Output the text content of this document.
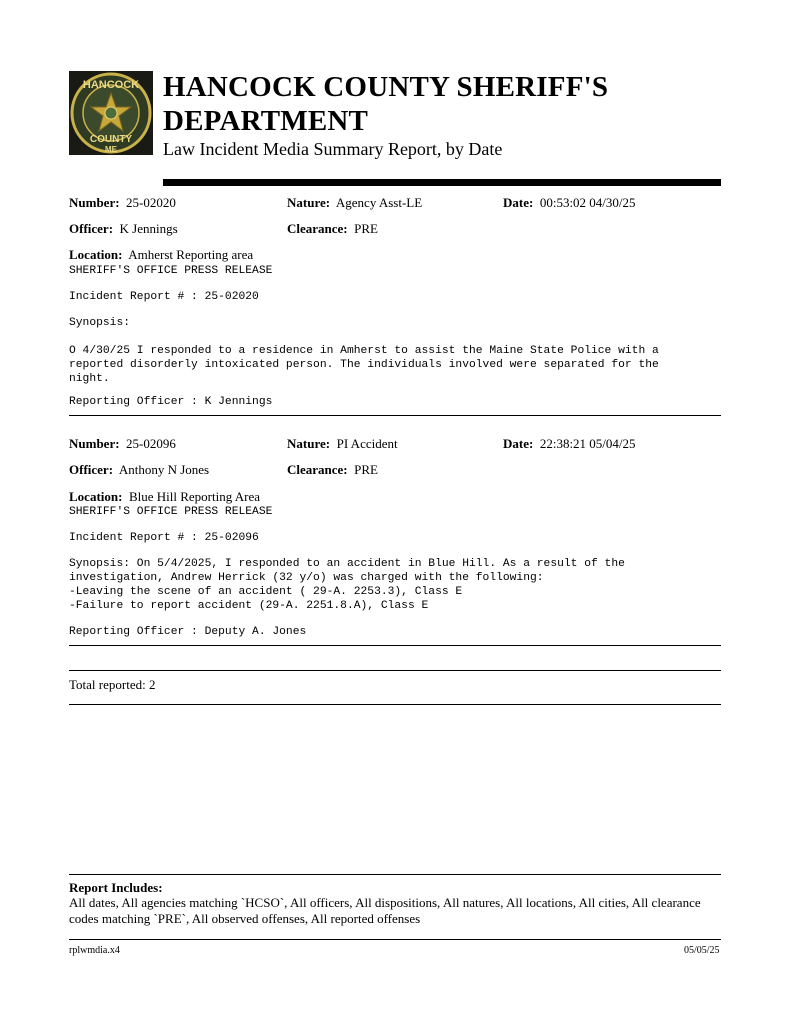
HANCOCK
COUNTY
ME
HANCOCK COUNTY SHERIFF'S
DEPARTMENT
Law Incident Media Summary Report, by Date
Number: 25-02020	Nature: Agency Asst-LE	Date: 00:53:02 04/30/25
Officer: K Jennings	Clearance: PRE
Location: Amherst Reporting area
SHERIFF'S OFFICE PRESS RELEASE
Incident Report # : 25-02020
Synopsis:
O 4/30/25 I responded to a residence in Amherst to assist the Maine State Police with a
reported disorderly intoxicated person. The individuals involved were separated for the
night.
Reporting Officer : K Jennings
Number: 25-02096	Nature: PI Accident	Date: 22:38:21 05/04/25
Officer: Anthony N Jones	Clearance: PRE
Location: Blue Hill Reporting Area
SHERIFF'S OFFICE PRESS RELEASE
Incident Report # : 25-02096
Synopsis: On 5/4/2025, I responded to an accident in Blue Hill. As a result of the
investigation, Andrew Herrick (32 y/o) was charged with the following:
-Leaving the scene of an accident ( 29-A. 2253.3), Class E
-Failure to report accident (29-A. 2251.8.A), Class E
Reporting Officer : Deputy A. Jones
Total reported: 2
Report Includes:
All dates, All agencies matching `HCSO`, All officers, All dispositions, All natures, All locations, All cities, All clearance codes matching `PRE`, All observed offenses, All reported offenses
rplwmdia.x4	05/05/25
